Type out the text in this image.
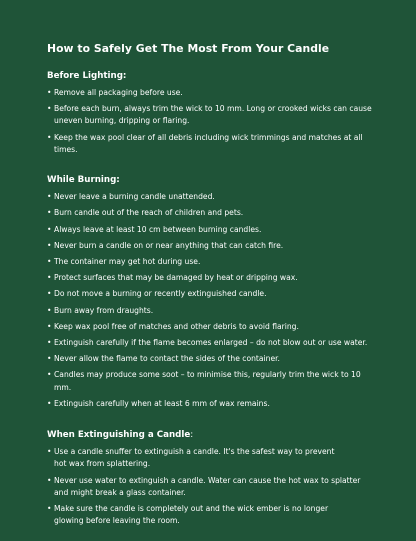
How to Safely Get The Most From Your Candle
Before Lighting:
• Remove all packaging before use.
• Before each burn, always trim the wick to 10 mm. Long or crooked wicks can cause
uneven burning, dripping or flaring.
• Keep the wax pool clear of all debris including wick trimmings and matches at all times.
While Burning:
• Never leave a burning candle unattended.
• Burn candle out of the reach of children and pets.
• Always leave at least 10 cm between burning candles.
• Never burn a candle on or near anything that can catch fire.
• The container may get hot during use.
• Protect surfaces that may be damaged by heat or dripping wax.
• Do not move a burning or recently extinguished candle.
• Burn away from draughts.
• Keep wax pool free of matches and other debris to avoid flaring.
• Extinguish carefully if the flame becomes enlarged – do not blow out or use water.
• Never allow the flame to contact the sides of the container.
• Candles may produce some soot – to minimise this, regularly trim the wick to 10 mm.
• Extinguish carefully when at least 6 mm of wax remains.
When Extinguishing a Candle:
• Use a candle snuffer to extinguish a candle. It's the safest way to prevent
hot wax from splattering.
• Never use water to extinguish a candle. Water can cause the hot wax to splatter
and might break a glass container.
• Make sure the candle is completely out and the wick ember is no longer
glowing before leaving the room.
